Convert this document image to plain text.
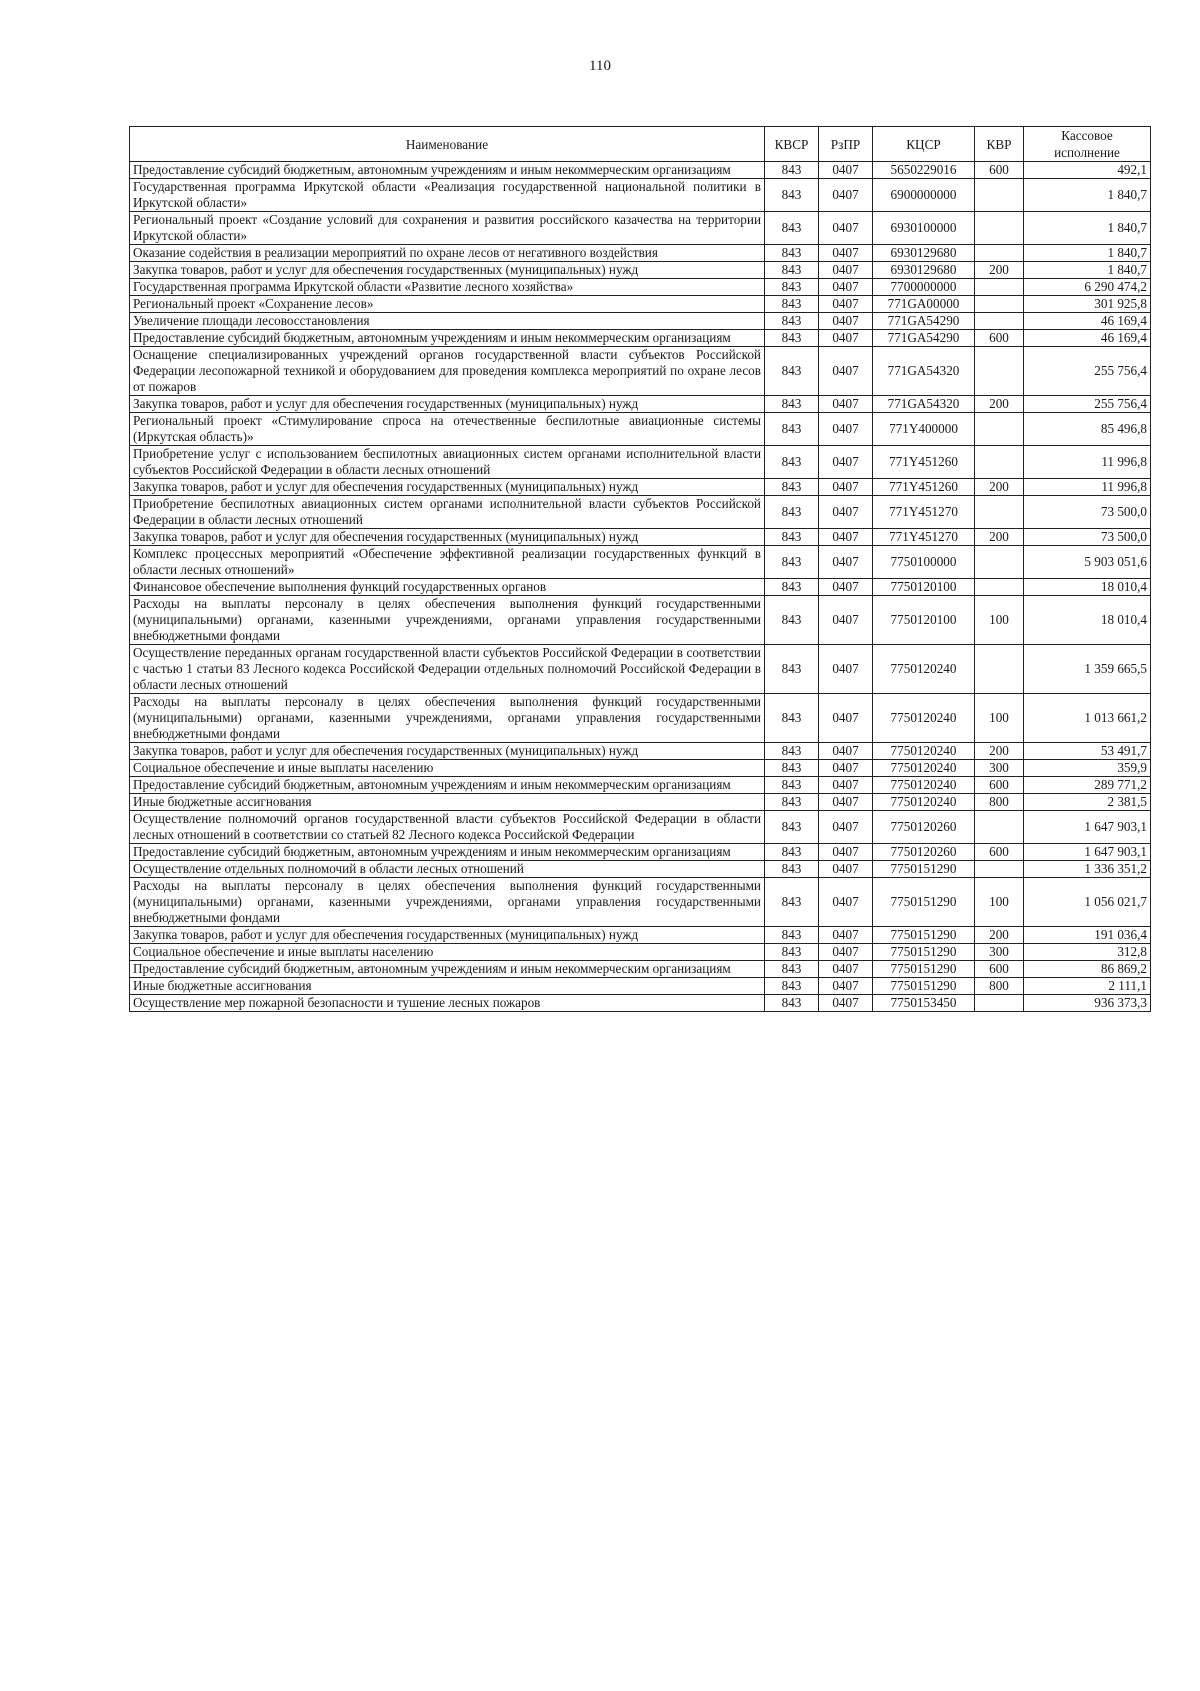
110
Наименование	КВСР	РзПР	КЦСР	КВР	Кассовое исполнение
Предоставление субсидий бюджетным, автономным учреждениям и иным некоммерческим организациям	843	0407	5650229016	600	492,1
Государственная программа Иркутской области «Реализация государственной национальной политики в Иркутской области»	843	0407	6900000000		1 840,7
Региональный проект «Создание условий для сохранения и развития российского казачества на территории Иркутской области»	843	0407	6930100000		1 840,7
Оказание содействия в реализации мероприятий по охране лесов от негативного воздействия	843	0407	6930129680		1 840,7
Закупка товаров, работ и услуг для обеспечения государственных (муниципальных) нужд	843	0407	6930129680	200	1 840,7
Государственная программа Иркутской области «Развитие лесного хозяйства»	843	0407	7700000000		6 290 474,2
Региональный проект «Сохранение лесов»	843	0407	771GA00000		301 925,8
Увеличение площади лесовосстановления	843	0407	771GA54290		46 169,4
Предоставление субсидий бюджетным, автономным учреждениям и иным некоммерческим организациям	843	0407	771GA54290	600	46 169,4
Оснащение специализированных учреждений органов государственной власти субъектов Российской Федерации лесопожарной техникой и оборудованием для проведения комплекса мероприятий по охране лесов от пожаров	843	0407	771GA54320		255 756,4
Закупка товаров, работ и услуг для обеспечения государственных (муниципальных) нужд	843	0407	771GA54320	200	255 756,4
Региональный проект «Стимулирование спроса на отечественные беспилотные авиационные системы (Иркутская область)»	843	0407	771Y400000		85 496,8
Приобретение услуг с использованием беспилотных авиационных систем органами исполнительной власти субъектов Российской Федерации в области лесных отношений	843	0407	771Y451260		11 996,8
Закупка товаров, работ и услуг для обеспечения государственных (муниципальных) нужд	843	0407	771Y451260	200	11 996,8
Приобретение беспилотных авиационных систем органами исполнительной власти субъектов Российской Федерации в области лесных отношений	843	0407	771Y451270		73 500,0
Закупка товаров, работ и услуг для обеспечения государственных (муниципальных) нужд	843	0407	771Y451270	200	73 500,0
Комплекс процессных мероприятий «Обеспечение эффективной реализации государственных функций в области лесных отношений»	843	0407	7750100000		5 903 051,6
Финансовое обеспечение выполнения функций государственных органов	843	0407	7750120100		18 010,4
Расходы на выплаты персоналу в целях обеспечения выполнения функций государственными (муниципальными) органами, казенными учреждениями, органами управления государственными внебюджетными фондами	843	0407	7750120100	100	18 010,4
Осуществление переданных органам государственной власти субъектов Российской Федерации в соответствии с частью 1 статьи 83 Лесного кодекса Российской Федерации отдельных полномочий Российской Федерации в области лесных отношений	843	0407	7750120240		1 359 665,5
Расходы на выплаты персоналу в целях обеспечения выполнения функций государственными (муниципальными) органами, казенными учреждениями, органами управления государственными внебюджетными фондами	843	0407	7750120240	100	1 013 661,2
Закупка товаров, работ и услуг для обеспечения государственных (муниципальных) нужд	843	0407	7750120240	200	53 491,7
Социальное обеспечение и иные выплаты населению	843	0407	7750120240	300	359,9
Предоставление субсидий бюджетным, автономным учреждениям и иным некоммерческим организациям	843	0407	7750120240	600	289 771,2
Иные бюджетные ассигнования	843	0407	7750120240	800	2 381,5
Осуществление полномочий органов государственной власти субъектов Российской Федерации в области лесных отношений в соответствии со статьей 82 Лесного кодекса Российской Федерации	843	0407	7750120260		1 647 903,1
Предоставление субсидий бюджетным, автономным учреждениям и иным некоммерческим организациям	843	0407	7750120260	600	1 647 903,1
Осуществление отдельных полномочий в области лесных отношений	843	0407	7750151290		1 336 351,2
Расходы на выплаты персоналу в целях обеспечения выполнения функций государственными (муниципальными) органами, казенными учреждениями, органами управления государственными внебюджетными фондами	843	0407	7750151290	100	1 056 021,7
Закупка товаров, работ и услуг для обеспечения государственных (муниципальных) нужд	843	0407	7750151290	200	191 036,4
Социальное обеспечение и иные выплаты населению	843	0407	7750151290	300	312,8
Предоставление субсидий бюджетным, автономным учреждениям и иным некоммерческим организациям	843	0407	7750151290	600	86 869,2
Иные бюджетные ассигнования	843	0407	7750151290	800	2 111,1
Осуществление мер пожарной безопасности и тушение лесных пожаров	843	0407	7750153450		936 373,3
